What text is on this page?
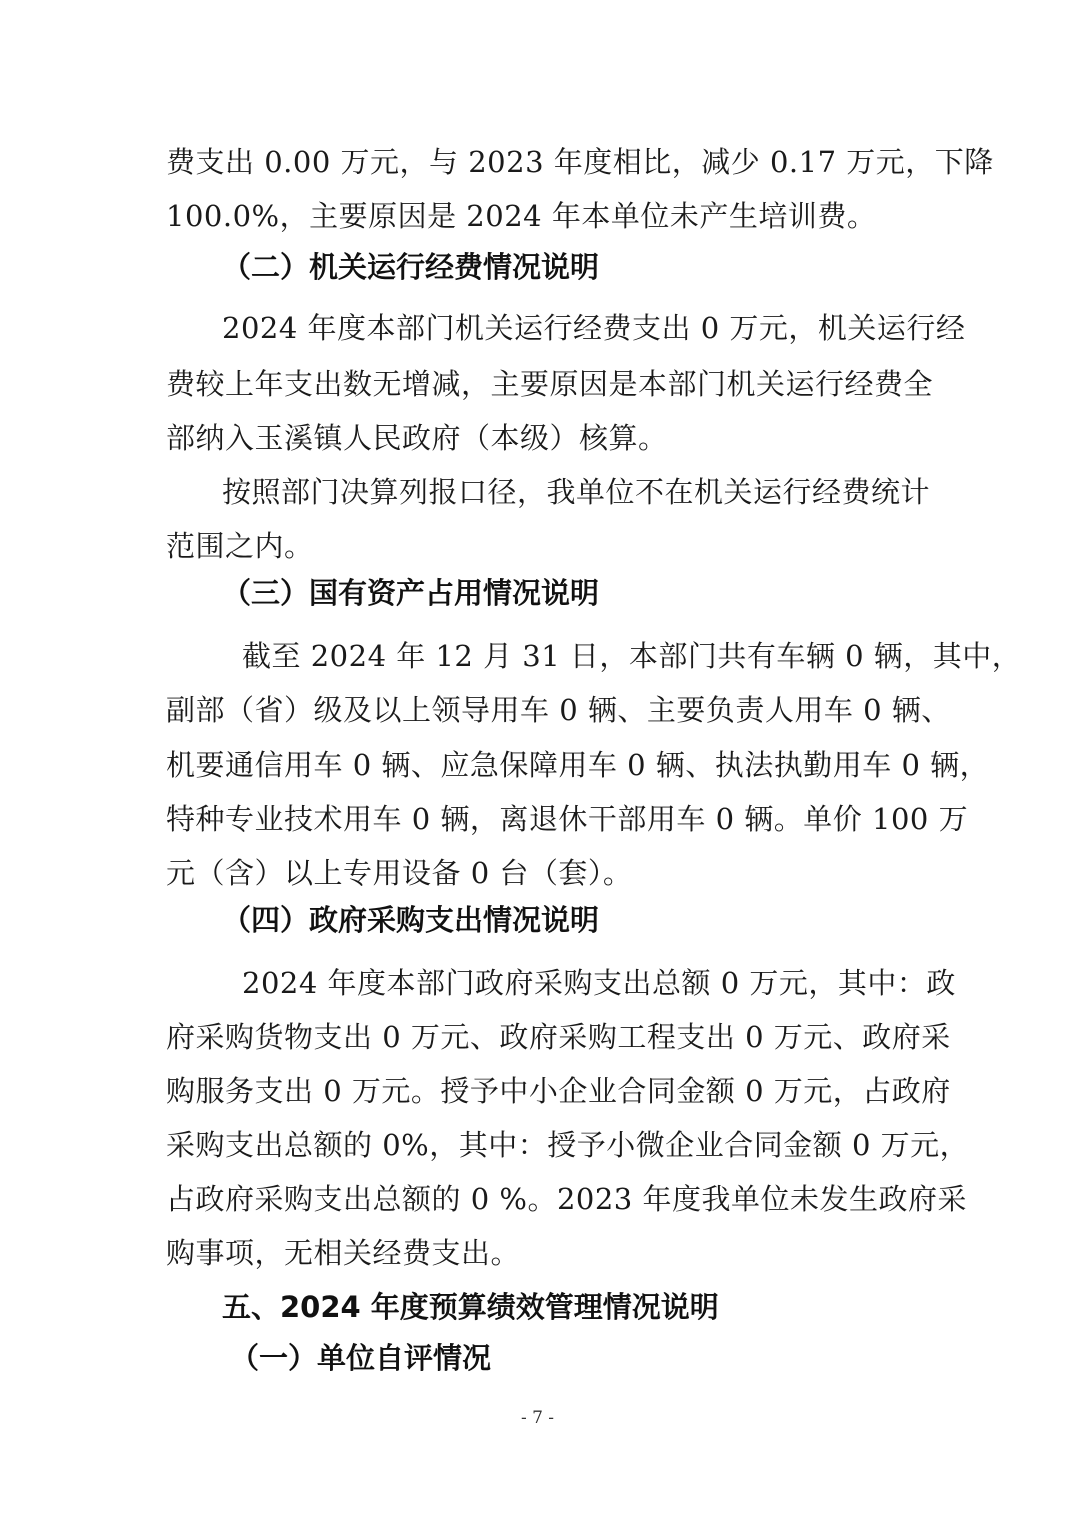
费支出 0.00 万元，与 2023 年度相比，减少 0.17 万元，下降
100.0%，主要原因是 2024 年本单位未产生培训费。
（二）机关运行经费情况说明
2024 年度本部门机关运行经费支出 0 万元，机关运行经
费较上年支出数无增减，主要原因是本部门机关运行经费全
部纳入玉溪镇人民政府（本级）核算。
按照部门决算列报口径，我单位不在机关运行经费统计
范围之内。
（三）国有资产占用情况说明
截至 2024 年 12 月 31 日，本部门共有车辆 0 辆，其中，
副部（省）级及以上领导用车 0 辆、主要负责人用车 0 辆、
机要通信用车 0 辆、应急保障用车 0 辆、执法执勤用车 0 辆，
特种专业技术用车 0 辆，离退休干部用车 0 辆。单价 100 万
元（含）以上专用设备 0 台（套）。
（四）政府采购支出情况说明
2024 年度本部门政府采购支出总额 0 万元，其中：政
府采购货物支出 0 万元、政府采购工程支出 0 万元、政府采
购服务支出 0 万元。授予中小企业合同金额 0 万元，占政府
采购支出总额的 0%，其中：授予小微企业合同金额 0 万元，
占政府采购支出总额的 0 %。2023 年度我单位未发生政府采
购事项，无相关经费支出。
五、2024 年度预算绩效管理情况说明
（一）单位自评情况
- 7 -
